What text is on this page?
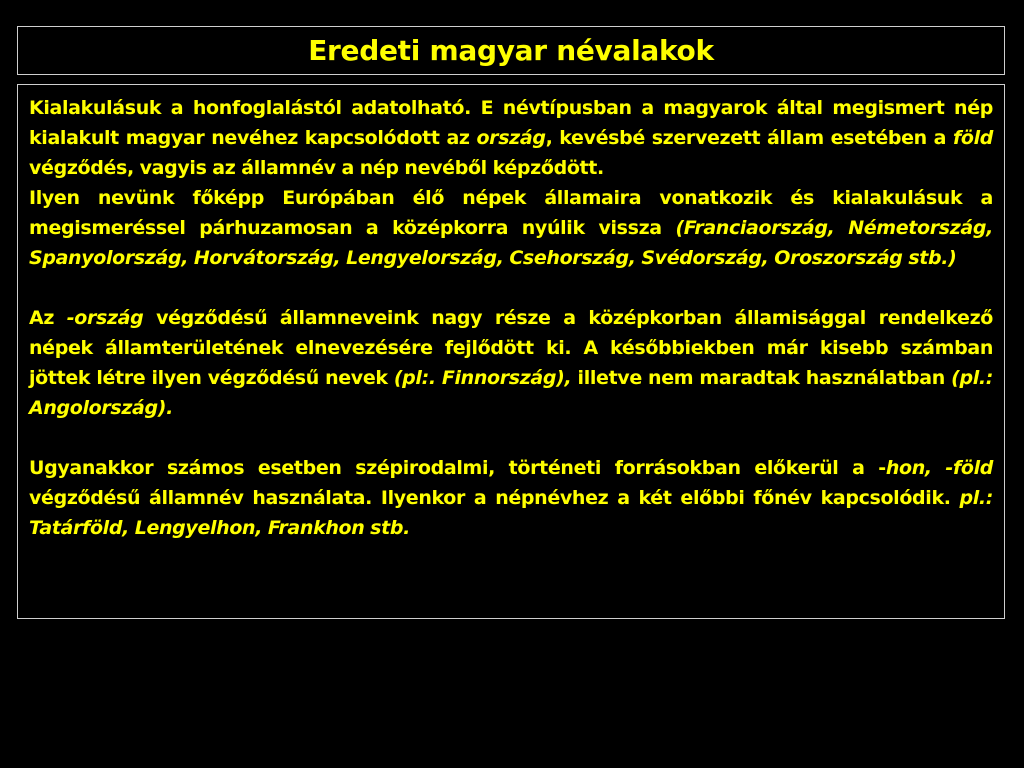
Eredeti magyar névalakok

Kialakulásuk a honfoglalástól adatolható. E névtípusban a magyarok által megismert nép kialakult magyar nevéhez kapcsolódott az ország, kevésbé szervezett állam esetében a föld végződés, vagyis az államnév a nép nevéből képződött.

Ilyen nevünk főképp Európában élő népek államaira vonatkozik és kialakulásuk a megismeréssel párhuzamosan a középkorra nyúlik vissza (Franciaország, Németország, Spanyolország, Horvátország, Lengyelország, Csehország, Svédország, Oroszország stb.)

Az -ország végződésű államneveink nagy része a középkorban államisággal rendelkező népek államterületének elnevezésére fejlődött ki. A későbbiekben már kisebb számban jöttek létre ilyen végződésű nevek (pl:. Finnország), illetve nem maradtak használatban (pl.: Angolország).

Ugyanakkor számos esetben szépirodalmi, történeti forrásokban előkerül a -hon, -föld végződésű államnév használata. Ilyenkor a népnévhez a két előbbi főnév kapcsolódik. pl.: Tatárföld, Lengyelhon, Frankhon stb.
